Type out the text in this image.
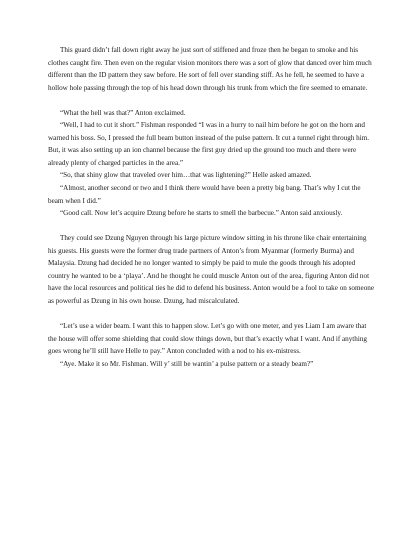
This guard didn’t fall down right away he just sort of stiffened and froze then he began to smoke and his clothes caught fire. Then even on the regular vision monitors there was a sort of glow that danced over him much different than the ID pattern they saw before. He sort of fell over standing stiff. As he fell, he seemed to have a hollow hole passing through the top of his head down through his trunk from which the fire seemed to emanate.

“What the hell was that?” Anton exclaimed.

“Well, I had to cut it short.” Fishman responded “I was in a hurry to nail him before he got on the horn and warned his boss. So, I pressed the full beam button instead of the pulse pattern. It cut a tunnel right through him. But, it was also setting up an ion channel because the first guy dried up the ground too much and there were already plenty of charged particles in the area.”

“So, that shiny glow that traveled over him…that was lightening?” Helle asked amazed.

“Almost, another second or two and I think there would have been a pretty big bang. That’s why I cut the beam when I did.”

“Good call. Now let’s acquire Dzung before he starts to smell the barbecue.” Anton said anxiously.

They could see Dzung Nguyen through his large picture window sitting in his throne like chair entertaining his guests. His guests were the former drug trade partners of Anton’s from Myanmar (formerly Burma) and Malaysia. Dzung had decided he no longer wanted to simply be paid to mule the goods through his adopted country he wanted to be a ‘playa’. And he thought he could muscle Anton out of the area, figuring Anton did not have the local resources and political ties he did to defend his business. Anton would be a fool to take on someone as powerful as Dzung in his own house. Dzung, had miscalculated.

“Let’s use a wider beam. I want this to happen slow. Let’s go with one meter, and yes Liam I am aware that the house will offer some shielding that could slow things down, but that’s exactly what I want. And if anything goes wrong he’ll still have Helle to pay.” Anton concluded with a nod to his ex-mistress.

“Aye. Make it so Mr. Fishman. Will y’ still be wantin’ a pulse pattern or a steady beam?”
